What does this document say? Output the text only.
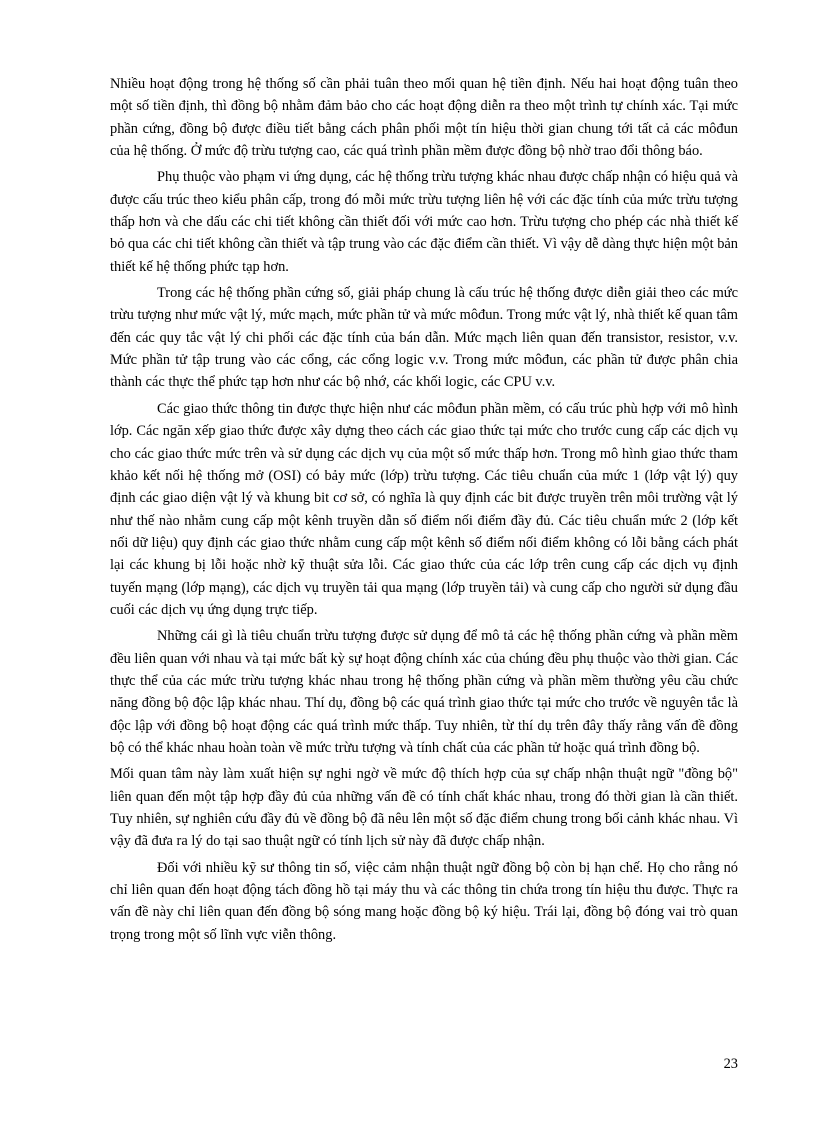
Nhiều hoạt động trong hệ thống số cần phải tuân theo mối quan hệ tiền định. Nếu hai hoạt động tuân theo một số tiền định, thì đồng bộ nhằm đảm bảo cho các hoạt động diễn ra theo một trình tự chính xác. Tại mức phần cứng, đồng bộ được điều tiết bằng cách phân phối một tín hiệu thời gian chung tới tất cả các môđun của hệ thống. Ở mức độ trừu tượng cao, các quá trình phần mềm được đồng bộ nhờ trao đổi thông báo.

Phụ thuộc vào phạm vi ứng dụng, các hệ thống trừu tượng khác nhau được chấp nhận có hiệu quả và được cấu trúc theo kiểu phân cấp, trong đó mỗi mức trừu tượng liên hệ với các đặc tính của mức trừu tượng thấp hơn và che dấu các chi tiết không cần thiết đối với mức cao hơn. Trừu tượng cho phép các nhà thiết kế bỏ qua các chi tiết không cần thiết và tập trung vào các đặc điểm cần thiết. Vì vậy dễ dàng thực hiện một bản thiết kế hệ thống phức tạp hơn.

Trong các hệ thống phần cứng số, giải pháp chung là cấu trúc hệ thống được diễn giải theo các mức trừu tượng như mức vật lý, mức mạch, mức phần tử và mức môđun. Trong mức vật lý, nhà thiết kế quan tâm đến các quy tắc vật lý chi phối các đặc tính của bán dẫn. Mức mạch liên quan đến transistor, resistor, v.v. Mức phần tử tập trung vào các cổng, các cổng logic v.v. Trong mức môđun, các phần tử được phân chia thành các thực thể phức tạp hơn như các bộ nhớ, các khối logic, các CPU v.v.

Các giao thức thông tin được thực hiện như các môđun phần mềm, có cấu trúc phù hợp với mô hình lớp. Các ngăn xếp giao thức được xây dựng theo cách các giao thức tại mức cho trước cung cấp các dịch vụ cho các giao thức mức trên và sử dụng các dịch vụ của một số mức thấp hơn. Trong mô hình giao thức tham khảo kết nối hệ thống mở (OSI) có bảy mức (lớp) trừu tượng. Các tiêu chuẩn của mức 1 (lớp vật lý) quy định các giao diện vật lý và khung bit cơ sở, có nghĩa là quy định các bit được truyền trên môi trường vật lý như thế nào nhằm cung cấp một kênh truyền dẫn số điểm nối điểm đầy đủ. Các tiêu chuẩn mức 2 (lớp kết nối dữ liệu) quy định các giao thức nhằm cung cấp một kênh số điểm nối điểm không có lỗi bằng cách phát lại các khung bị lỗi hoặc nhờ kỹ thuật sửa lỗi. Các giao thức của các lớp trên cung cấp các dịch vụ định tuyến mạng (lớp mạng), các dịch vụ truyền tải qua mạng (lớp truyền tải) và cung cấp cho người sử dụng đầu cuối các dịch vụ ứng dụng trực tiếp.

Những cái gì là tiêu chuẩn trừu tượng được sử dụng để mô tả các hệ thống phần cứng và phần mềm đều liên quan với nhau và tại mức bất kỳ sự hoạt động chính xác của chúng đều phụ thuộc vào thời gian. Các thực thể của các mức trừu tượng khác nhau trong hệ thống phần cứng và phần mềm thường yêu cầu chức năng đồng bộ độc lập khác nhau. Thí dụ, đồng bộ các quá trình giao thức tại mức cho trước về nguyên tắc là độc lập với đồng bộ hoạt động các quá trình mức thấp. Tuy nhiên, từ thí dụ trên đây thấy rằng vấn đề đồng bộ có thể khác nhau hoàn toàn về mức trừu tượng và tính chất của các phần tử hoặc quá trình đồng bộ.

Mối quan tâm này làm xuất hiện sự nghi ngờ về mức độ thích hợp của sự chấp nhận thuật ngữ "đồng bộ" liên quan đến một tập hợp đầy đủ của những vấn đề có tính chất khác nhau, trong đó thời gian là cần thiết. Tuy nhiên, sự nghiên cứu đầy đủ về đồng bộ đã nêu lên một số đặc điểm chung trong bối cảnh khác nhau. Vì vậy đã đưa ra lý do tại sao thuật ngữ có tính lịch sử này đã được chấp nhận.

Đối với nhiều kỹ sư thông tin số, việc cảm nhận thuật ngữ đồng bộ còn bị hạn chế. Họ cho rằng nó chỉ liên quan đến hoạt động tách đồng hồ tại máy thu và các thông tin chứa trong tín hiệu thu được. Thực ra vấn đề này chỉ liên quan đến đồng bộ sóng mang hoặc đồng bộ ký hiệu. Trái lại, đồng bộ đóng vai trò quan trọng trong một số lĩnh vực viễn thông.

23
